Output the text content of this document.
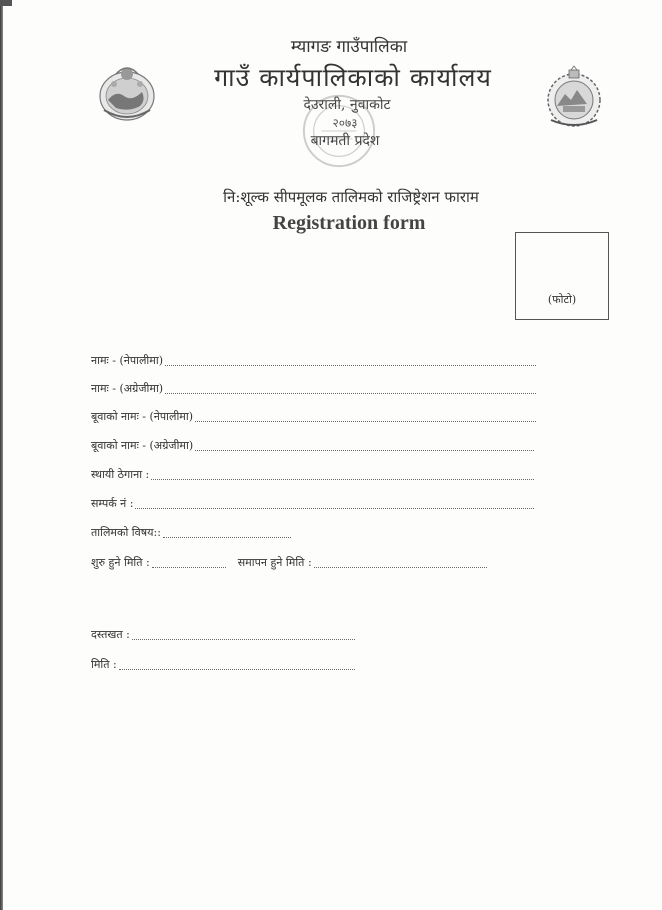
म्यागङ गाउँपालिका
गाउँ कार्यपालिकाको कार्यालय
देउराली, नुवाकोट
२०७३
बागमती प्रदेश
नि:शूल्क सीपमूलक तालिमको राजिष्ट्रेशन फाराम
Registration form
(फोटो)
नामः - (नेपालीमा)
नामः - (अग्रेजीमा)
बूवाको नामः - (नेपालीमा)
बूवाको नामः - (अग्रेजीमा)
स्थायी ठेगाना :
सम्पर्क नं :
तालिमको विषय::
शुरु हुने मिति :	समापन हुने मिति :
दस्तखत :
मिति :
